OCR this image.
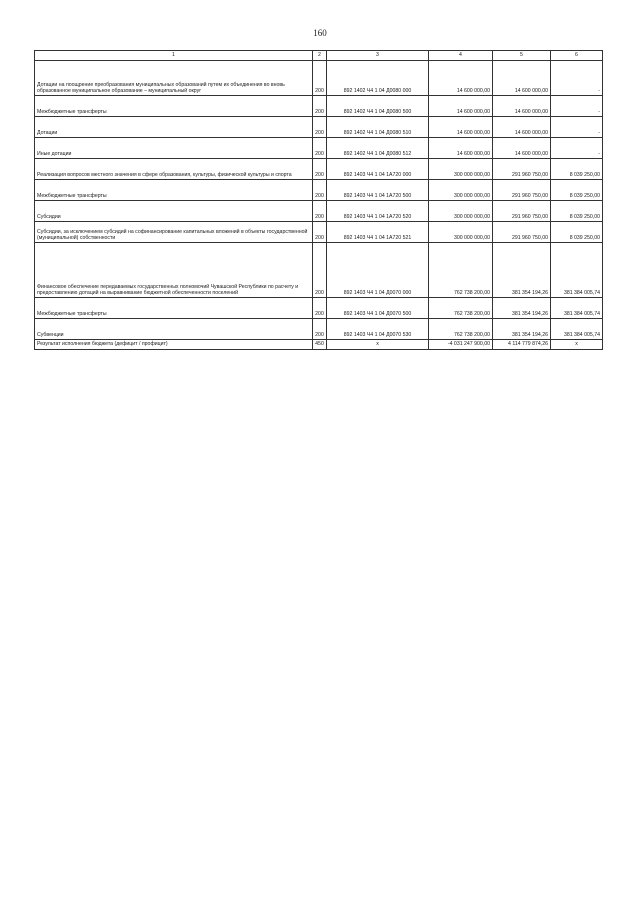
160
1	2	3	4	5	6
Дотации на поощрение преобразования муниципальных образований путем их объединения во вновь образованное муниципальное образование – муниципальный округ	200	892 1402 Ч4 1 04 Д0080 000	14 600 000,00	14 600 000,00	-
Межбюджетные трансферты	200	892 1402 Ч4 1 04 Д0080 500	14 600 000,00	14 600 000,00	-
Дотации	200	892 1402 Ч4 1 04 Д0080 510	14 600 000,00	14 600 000,00	-
Иные дотации	200	892 1402 Ч4 1 04 Д0080 512	14 600 000,00	14 600 000,00	-
Реализация вопросов местного значения в сфере образования, культуры, физической культуры и спорта	200	892 1403 Ч4 1 04 1А720 000	300 000 000,00	291 960 750,00	8 039 250,00
Межбюджетные трансферты	200	892 1403 Ч4 1 04 1А720 500	300 000 000,00	291 960 750,00	8 039 250,00
Субсидии	200	892 1403 Ч4 1 04 1А720 520	300 000 000,00	291 960 750,00	8 039 250,00
Субсидии, за исключением субсидий на софинансирование капитальных вложений в объекты государственной (муниципальной) собственности	200	892 1403 Ч4 1 04 1А720 521	300 000 000,00	291 960 750,00	8 039 250,00
Финансовое обеспечение передаваемых государственных полномочий Чувашской Республики по расчету и предоставлению дотаций на выравнивание бюджетной обеспеченности поселений	200	892 1403 Ч4 1 04 Д0070 000	762 738 200,00	381 354 194,26	381 384 005,74
Межбюджетные трансферты	200	892 1403 Ч4 1 04 Д0070 500	762 738 200,00	381 354 194,26	381 384 005,74
Субвенции	200	892 1403 Ч4 1 04 Д0070 530	762 738 200,00	381 354 194,26	381 384 005,74
Результат исполнения бюджета (дефицит / профицит)	450	x	-4 031 247 900,00	4 114 779 874,26	x
